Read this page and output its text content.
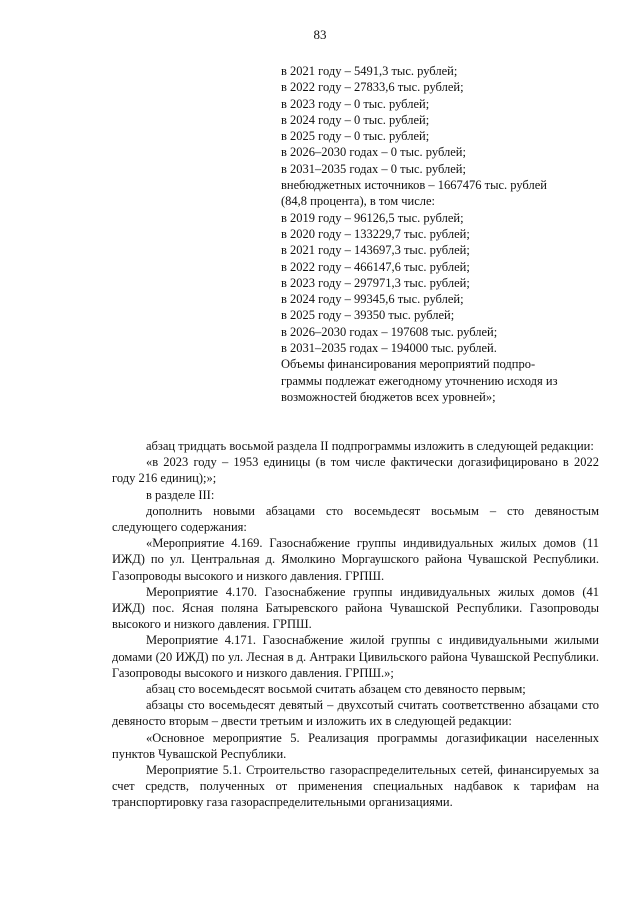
83
в 2021 году – 5491,3 тыс. рублей;
в 2022 году – 27833,6 тыс. рублей;
в 2023 году – 0 тыс. рублей;
в 2024 году – 0 тыс. рублей;
в 2025 году – 0 тыс. рублей;
в 2026–2030 годах – 0 тыс. рублей;
в 2031–2035 годах – 0 тыс. рублей;
внебюджетных источников – 1667476 тыс. рублей
(84,8 процента), в том числе:
в 2019 году – 96126,5 тыс. рублей;
в 2020 году – 133229,7 тыс. рублей;
в 2021 году – 143697,3 тыс. рублей;
в 2022 году – 466147,6 тыс. рублей;
в 2023 году – 297971,3 тыс. рублей;
в 2024 году – 99345,6 тыс. рублей;
в 2025 году – 39350 тыс. рублей;
в 2026–2030 годах – 197608 тыс. рублей;
в 2031–2035 годах – 194000 тыс. рублей.
Объемы финансирования мероприятий подпро-
граммы подлежат ежегодному уточнению исходя из
возможностей бюджетов всех уровней»;

абзац тридцать восьмой раздела II подпрограммы изложить в следующей редакции:

«в 2023 году – 1953 единицы (в том числе фактически догазифицировано в 2022 году 216 единиц);»;

в разделе III:

дополнить новыми абзацами сто восемьдесят восьмым – сто девяностым следующего содержания:

«Мероприятие 4.169. Газоснабжение группы индивидуальных жилых домов (11 ИЖД) по ул. Центральная д. Ямолкино Моргаушского района Чувашской Республики. Газопроводы высокого и низкого давления. ГРПШ.

Мероприятие 4.170. Газоснабжение группы индивидуальных жилых домов (41 ИЖД) пос. Ясная поляна Батыревского района Чувашской Республики. Газопроводы высокого и низкого давления. ГРПШ.

Мероприятие 4.171. Газоснабжение жилой группы с индивидуальными жилыми домами (20 ИЖД) по ул. Лесная в д. Антраки Цивильского района Чувашской Республики. Газопроводы высокого и низкого давления. ГРПШ.»;

абзац сто восемьдесят восьмой считать абзацем сто девяносто первым;

абзацы сто восемьдесят девятый – двухсотый считать соответственно абзацами сто девяносто вторым – двести третьим и изложить их в следующей редакции:

«Основное мероприятие 5. Реализация программы догазификации населенных пунктов Чувашской Республики.

Мероприятие 5.1. Строительство газораспределительных сетей, финансируемых за счет средств, полученных от применения специальных надбавок к тарифам на транспортировку газа газораспределительными организациями.
